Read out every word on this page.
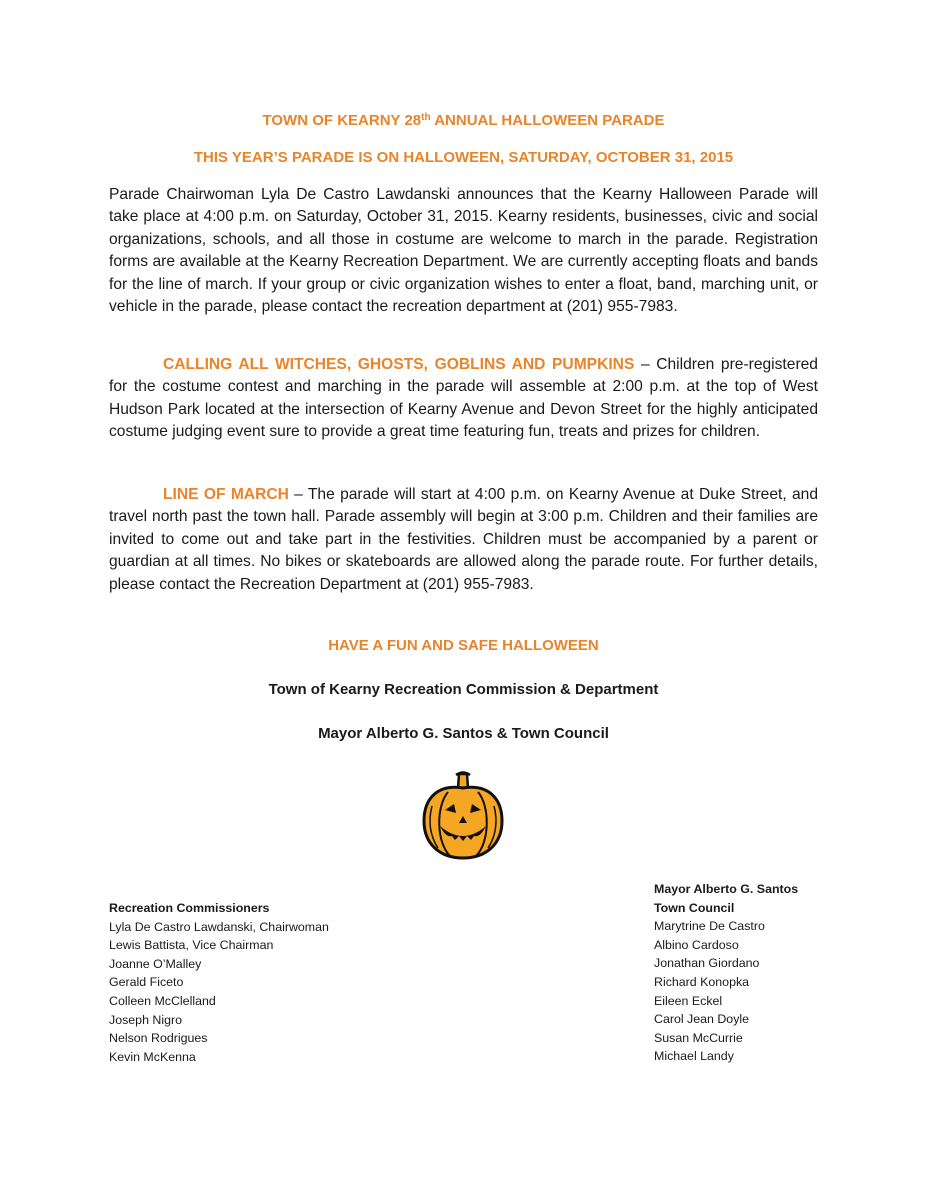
TOWN OF KEARNY 28th ANNUAL HALLOWEEN PARADE
THIS YEAR’S PARADE IS ON HALLOWEEN, SATURDAY, OCTOBER 31, 2015
Parade Chairwoman Lyla De Castro Lawdanski announces that the Kearny Halloween Parade will take place at 4:00 p.m. on Saturday, October 31, 2015. Kearny residents, businesses, civic and social organizations, schools, and all those in costume are welcome to march in the parade. Registration forms are available at the Kearny Recreation Department. We are currently accepting floats and bands for the line of march. If your group or civic organization wishes to enter a float, band, marching unit, or vehicle in the parade, please contact the recreation department at (201) 955-7983.
CALLING ALL WITCHES, GHOSTS, GOBLINS AND PUMPKINS – Children pre-registered for the costume contest and marching in the parade will assemble at 2:00 p.m. at the top of West Hudson Park located at the intersection of Kearny Avenue and Devon Street for the highly anticipated costume judging event sure to provide a great time featuring fun, treats and prizes for children.
LINE OF MARCH – The parade will start at 4:00 p.m. on Kearny Avenue at Duke Street, and travel north past the town hall. Parade assembly will begin at 3:00 p.m. Children and their families are invited to come out and take part in the festivities. Children must be accompanied by a parent or guardian at all times. No bikes or skateboards are allowed along the parade route. For further details, please contact the Recreation Department at (201) 955-7983.
HAVE A FUN AND SAFE HALLOWEEN
Town of Kearny Recreation Commission & Department
Mayor Alberto G. Santos & Town Council
Recreation Commissioners
Lyla De Castro Lawdanski, Chairwoman
Lewis Battista, Vice Chairman
Joanne O’Malley
Gerald Ficeto
Colleen McClelland
Joseph Nigro
Nelson Rodrigues
Kevin McKenna
Mayor Alberto G. Santos
Town Council
Marytrine De Castro
Albino Cardoso
Jonathan Giordano
Richard Konopka
Eileen Eckel
Carol Jean Doyle
Susan McCurrie
Michael Landy
